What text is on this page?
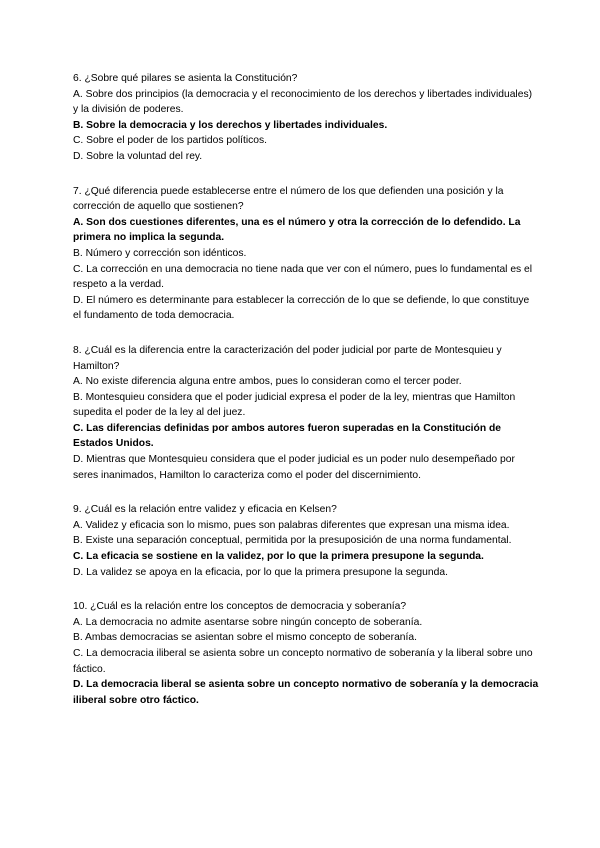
6. ¿Sobre qué pilares se asienta la Constitución?

A. Sobre dos principios (la democracia y el reconocimiento de los derechos y libertades individuales) y la división de poderes.

B. Sobre la democracia y los derechos y libertades individuales.

C. Sobre el poder de los partidos políticos.

D. Sobre la voluntad del rey.

7. ¿Qué diferencia puede establecerse entre el número de los que defienden una posición y la corrección de aquello que sostienen?

A. Son dos cuestiones diferentes, una es el número y otra la corrección de lo defendido. La primera no implica la segunda.

B. Número y corrección son idénticos.

C. La corrección en una democracia no tiene nada que ver con el número, pues lo fundamental es el respeto a la verdad.

D. El número es determinante para establecer la corrección de lo que se defiende, lo que constituye el fundamento de toda democracia.

8. ¿Cuál es la diferencia entre la caracterización del poder judicial por parte de Montesquieu y Hamilton?

A. No existe diferencia alguna entre ambos, pues lo consideran como el tercer poder.

B. Montesquieu considera que el poder judicial expresa el poder de la ley, mientras que Hamilton supedita el poder de la ley al del juez.

C. Las diferencias definidas por ambos autores fueron superadas en la Constitución de Estados Unidos.

D. Mientras que Montesquieu considera que el poder judicial es un poder nulo desempeñado por seres inanimados, Hamilton lo caracteriza como el poder del discernimiento.

9. ¿Cuál es la relación entre validez y eficacia en Kelsen?

A. Validez y eficacia son lo mismo, pues son palabras diferentes que expresan una misma idea.

B. Existe una separación conceptual, permitida por la presuposición de una norma fundamental.

C. La eficacia se sostiene en la validez, por lo que la primera presupone la segunda.

D. La validez se apoya en la eficacia, por lo que la primera presupone la segunda.

10. ¿Cuál es la relación entre los conceptos de democracia y soberanía?

A. La democracia no admite asentarse sobre ningún concepto de soberanía.

B. Ambas democracias se asientan sobre el mismo concepto de soberanía.

C. La democracia iliberal se asienta sobre un concepto normativo de soberanía y la liberal sobre uno fáctico.

D. La democracia liberal se asienta sobre un concepto normativo de soberanía y la democracia iliberal sobre otro fáctico.
